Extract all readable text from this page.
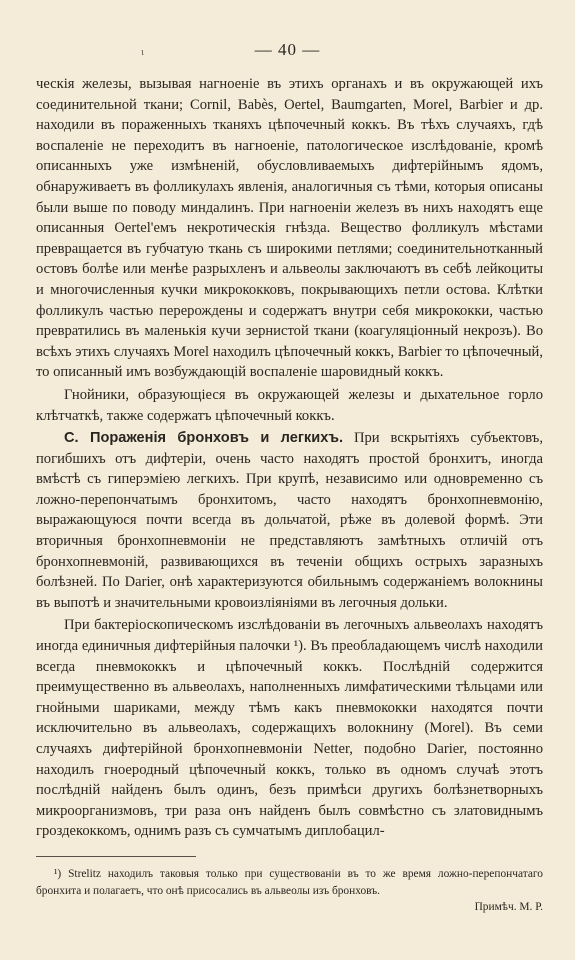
— 40 —
ι

ческія железы, вызывая нагноеніе въ этихъ органахъ и въ окружающей ихъ соединительной ткани; Cornil, Babès, Oertel, Baumgarten, Morel, Barbier и др. находили въ пораженныхъ тканяхъ цѣпочечный коккъ. Въ тѣхъ случаяхъ, гдѣ воспаленіе не переходитъ въ нагноеніе, патологическое изслѣдованіе, кромѣ описанныхъ уже измѣненій, обусловливаемыхъ дифтерійнымъ ядомъ, обнаруживаетъ въ фолликулахъ явленія, аналогичныя съ тѣми, которыя описаны были выше по поводу миндалинъ. При нагноеніи железъ въ нихъ находятъ еще описанныя Oertel'емъ некротическія гнѣзда. Вещество фолликулъ мѣстами превращается въ губчатую ткань съ широкими петлями; соединительнотканный остовъ болѣе или менѣе разрыхленъ и альвеолы заключаютъ въ себѣ лейкоциты и многочисленныя кучки микрококковъ, покрывающихъ петли остова. Клѣтки фолликулъ частью перерождены и содержатъ внутри себя микрококки, частью превратились въ маленькія кучи зернистой ткани (коагуляціонный некрозъ). Во всѣхъ этихъ случаяхъ Morel находилъ цѣпочечный коккъ, Barbier то цѣпочечный, то описанный имъ возбуждающій воспаленіе шаровидный коккъ.

Гнойники, образующіеся въ окружающей железы и дыхательное горло клѣтчаткѣ, также содержатъ цѣпочечный коккъ.

C. Пораженія бронховъ и легкихъ. При вскрытіяхъ субъектовъ, погибшихъ отъ дифтеріи, очень часто находятъ простой бронхитъ, иногда вмѣстѣ съ гиперэміею легкихъ. При крупѣ, независимо или одновременно съ ложно-перепончатымъ бронхитомъ, часто находятъ бронхопневмонію, выражающуюся почти всегда въ дольчатой, рѣже въ долевой формѣ. Эти вторичныя бронхопневмоніи не представляютъ замѣтныхъ отличій отъ бронхопневмоній, развивающихся въ теченіи общихъ острыхъ заразныхъ болѣзней. По Darier, онѣ характеризуются обильнымъ содержаніемъ волокнины въ выпотѣ и значительными кровоизліяніями въ легочныя дольки.

При бактеріоскопическомъ изслѣдованіи въ легочныхъ альвеолахъ находятъ иногда единичныя дифтерійныя палочки ¹). Въ преобладающемъ числѣ находили всегда пневмококкъ и цѣпочечный коккъ. Послѣдній содержится преимущественно въ альвеолахъ, наполненныхъ лимфатическими тѣльцами или гнойными шариками, между тѣмъ какъ пневмококки находятся почти исключительно въ альвеолахъ, содержащихъ волокнину (Morel). Въ семи случаяхъ дифтерійной бронхопневмоніи Netter, подобно Darier, постоянно находилъ гноеродный цѣпочечный коккъ, только въ одномъ случаѣ этотъ послѣдній найденъ былъ одинъ, безъ примѣси другихъ болѣзнетворныхъ микроорганизмовъ, три раза онъ найденъ былъ совмѣстно съ златовиднымъ гроздекоккомъ, однимъ разъ съ сумчатымъ диплобацил-

¹) Strelitz находилъ таковыя только при существованіи въ то же время ложно-перепончатаго бронхита и полагаетъ, что онѣ присосались въ альвеолы изъ бронховъ.

Примѣч. М. Р.
